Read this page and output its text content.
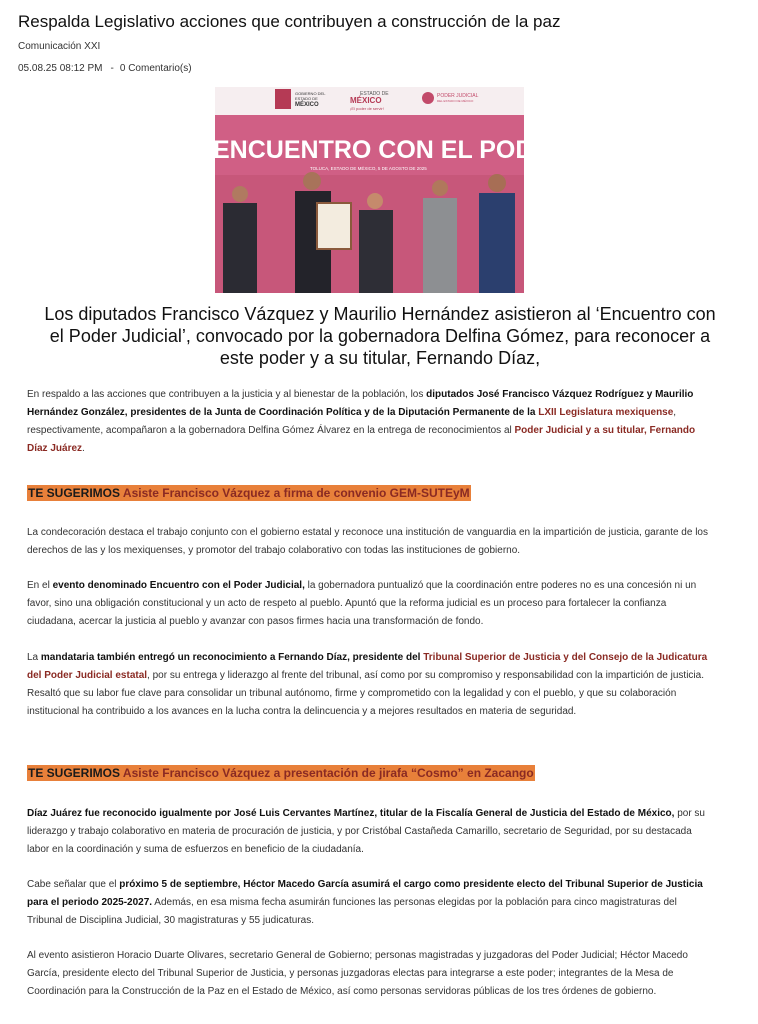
Respalda Legislativo acciones que contribuyen a construcción de la paz
Comunicación XXI
05.08.25 08:12 PM - 0 Comentario(s)
GOBIERNO DEL
ESTADO DE
MÉXICO
ESTADO DE
MÉXICO
¡El poder de servir!
PODER JUDICIAL
DEL ESTADO DE MÉXICO
ENCUENTRO CON EL PODER JUDI
TOLUCA, ESTADO DE MÉXICO, 5 DE AGOSTO DE 2025
Los diputados Francisco Vázquez y Maurilio Hernández asistieron al ‘Encuentro con el Poder Judicial’, convocado por la gobernadora Delfina Gómez, para reconocer a este poder y a su titular, Fernando Díaz,

En respaldo a las acciones que contribuyen a la justicia y al bienestar de la población, los diputados José Francisco Vázquez Rodríguez y Maurilio Hernández González, presidentes de la Junta de Coordinación Política y de la Diputación Permanente de la LXII Legislatura mexiquense, respectivamente, acompañaron a la gobernadora Delfina Gómez Álvarez en la entrega de reconocimientos al Poder Judicial y a su titular, Fernando Díaz Juárez.

TE SUGERIMOS Asiste Francisco Vázquez a firma de convenio GEM-SUTEyM

La condecoración destaca el trabajo conjunto con el gobierno estatal y reconoce una institución de vanguardia en la impartición de justicia, garante de los derechos de las y los mexiquenses, y promotor del trabajo colaborativo con todas las instituciones de gobierno.

En el evento denominado Encuentro con el Poder Judicial, la gobernadora puntualizó que la coordinación entre poderes no es una concesión ni un favor, sino una obligación constitucional y un acto de respeto al pueblo. Apuntó que la reforma judicial es un proceso para fortalecer la confianza ciudadana, acercar la justicia al pueblo y avanzar con pasos firmes hacia una transformación de fondo.

La mandataria también entregó un reconocimiento a Fernando Díaz, presidente del Tribunal Superior de Justicia y del Consejo de la Judicatura del Poder Judicial estatal, por su entrega y liderazgo al frente del tribunal, así como por su compromiso y responsabilidad con la impartición de justicia. Resaltó que su labor fue clave para consolidar un tribunal autónomo, firme y comprometido con la legalidad y con el pueblo, y que su colaboración institucional ha contribuido a los avances en la lucha contra la delincuencia y a mejores resultados en materia de seguridad.

TE SUGERIMOS Asiste Francisco Vázquez a presentación de jirafa “Cosmo” en Zacango

Díaz Juárez fue reconocido igualmente por José Luis Cervantes Martínez, titular de la Fiscalía General de Justicia del Estado de México, por su liderazgo y trabajo colaborativo en materia de procuración de justicia, y por Cristóbal Castañeda Camarillo, secretario de Seguridad, por su destacada labor en la coordinación y suma de esfuerzos en beneficio de la ciudadanía.

Cabe señalar que el próximo 5 de septiembre, Héctor Macedo García asumirá el cargo como presidente electo del Tribunal Superior de Justicia para el periodo 2025-2027. Además, en esa misma fecha asumirán funciones las personas elegidas por la población para cinco magistraturas del Tribunal de Disciplina Judicial, 30 magistraturas y 55 judicaturas.

Al evento asistieron Horacio Duarte Olivares, secretario General de Gobierno; personas magistradas y juzgadoras del Poder Judicial; Héctor Macedo García, presidente electo del Tribunal Superior de Justicia, y personas juzgadoras electas para integrarse a este poder; integrantes de la Mesa de Coordinación para la Construcción de la Paz en el Estado de México, así como personas servidoras públicas de los tres órdenes de gobierno.
